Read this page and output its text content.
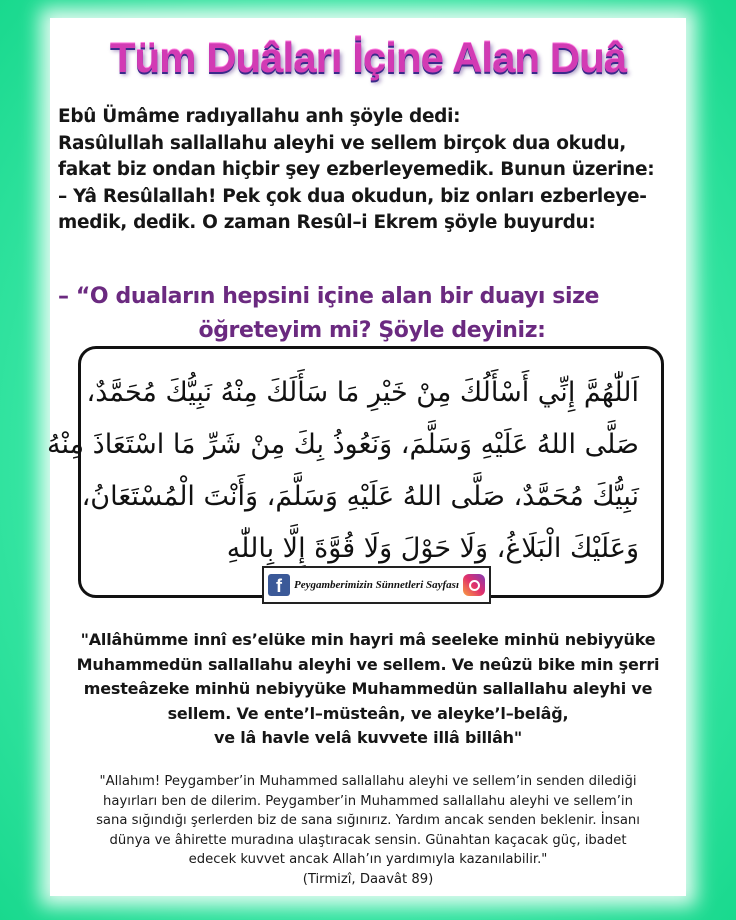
Tüm Duâları İçine Alan Duâ
Ebû Ümâme radıyallahu anh şöyle dedi:
Rasûlullah sallallahu aleyhi ve sellem birçok dua okudu,
fakat biz ondan hiçbir şey ezberleyemedik. Bunun üzerine:
– Yâ Resûlallah! Pek çok dua okudun, biz onları ezberleye-
medik, dedik. O zaman Resûl–i Ekrem şöyle buyurdu:
– “O duaların hepsini içine alan bir duayı size
öğreteyim mi? Şöyle deyiniz:
اَللّٰهُمَّ إِنِّي أَسْأَلُكَ مِنْ خَيْرِ مَا سَأَلَكَ مِنْهُ نَبِيُّكَ مُحَمَّدٌ،
صَلَّى اللهُ عَلَيْهِ وَسَلَّمَ، وَنَعُوذُ بِكَ مِنْ شَرِّ مَا اسْتَعَاذَ مِنْهُ
نَبِيُّكَ مُحَمَّدٌ، صَلَّى اللهُ عَلَيْهِ وَسَلَّمَ، وَأَنْتَ الْمُسْتَعَانُ،
وَعَلَيْكَ الْبَلَاغُ، وَلَا حَوْلَ وَلَا قُوَّةَ إِلَّا بِاللّٰهِ
f	Peygamberimizin Sünnetleri Sayfası
"Allâhümme innî es’elüke min hayri mâ seeleke minhü nebiyyüke
Muhammedün sallallahu aleyhi ve sellem. Ve neûzü bike min şerri
mesteâzeke minhü nebiyyüke Muhammedün sallallahu aleyhi ve
sellem. Ve ente’l–müsteân, ve aleyke’l–belâğ,
ve lâ havle velâ kuvvete illâ billâh"
"Allahım! Peygamber’in Muhammed sallallahu aleyhi ve sellem’in senden dilediği
hayırları ben de dilerim. Peygamber’in Muhammed sallallahu aleyhi ve sellem’in
sana sığındığı şerlerden biz de sana sığınırız. Yardım ancak senden beklenir. İnsanı
dünya ve âhirette muradına ulaştıracak sensin. Günahtan kaçacak güç, ibadet
edecek kuvvet ancak Allah’ın yardımıyla kazanılabilir."
(Tirmizî, Daavât 89)
